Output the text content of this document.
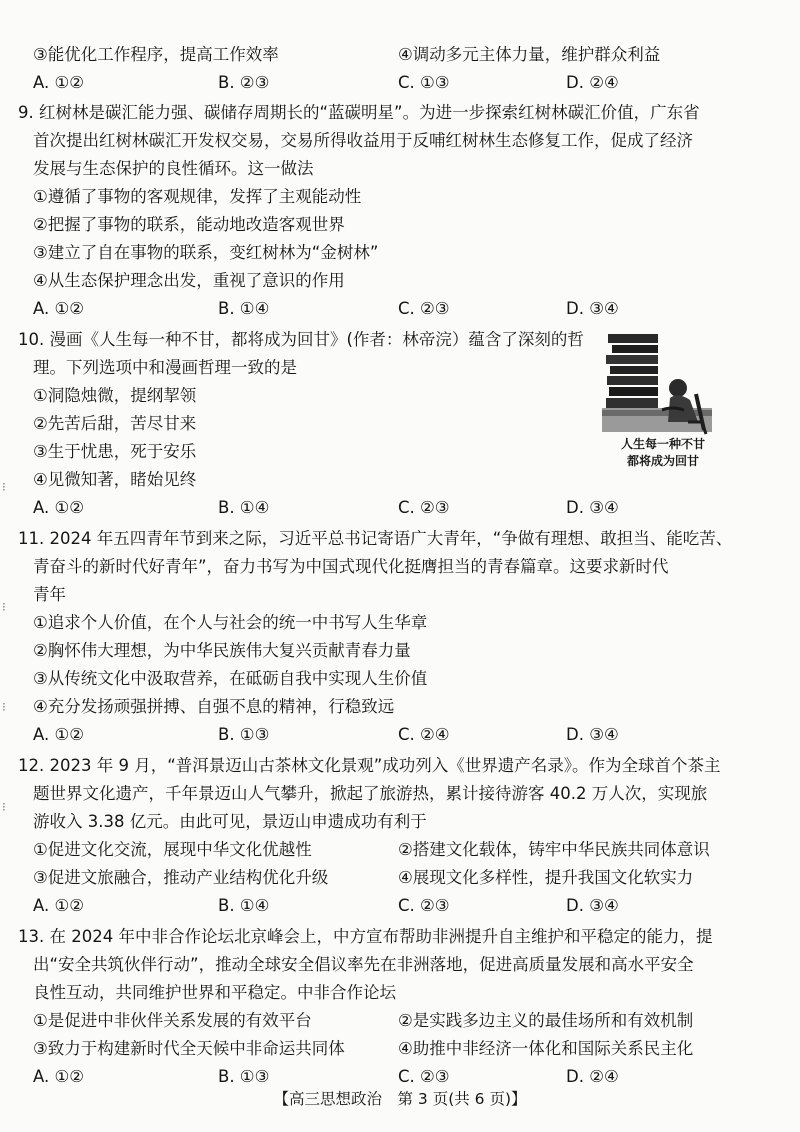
③能优化工作程序，提高工作效率	④调动多元主体力量，维护群众利益
A. ①②	B. ②③	C. ①③	D. ②④
9. 红树林是碳汇能力强、碳储存周期长的“蓝碳明星”。为进一步探索红树林碳汇价值，广东省
首次提出红树林碳汇开发权交易，交易所得收益用于反哺红树林生态修复工作，促成了经济
发展与生态保护的良性循环。这一做法
①遵循了事物的客观规律，发挥了主观能动性
②把握了事物的联系，能动地改造客观世界
③建立了自在事物的联系，变红树林为“金树林”
④从生态保护理念出发，重视了意识的作用
A. ①②	B. ①④	C. ②③	D. ③④
10. 漫画《人生每一种不甘，都将成为回甘》(作者：林帝浣）蕴含了深刻的哲
理。下列选项中和漫画哲理一致的是
①洞隐烛微，提纲挈领
②先苦后甜，苦尽甘来
③生于忧患，死于安乐
④见微知著，睹始见终
人生每一种不甘
都将成为回甘
A. ①②	B. ①④	C. ②③	D. ③④
11. 2024 年五四青年节到来之际，习近平总书记寄语广大青年，“争做有理想、敢担当、能吃苦、
青奋斗的新时代好青年”，奋力书写为中国式现代化挺膺担当的青春篇章。这要求新时代
青年
①追求个人价值，在个人与社会的统一中书写人生华章
②胸怀伟大理想，为中华民族伟大复兴贡献青春力量
③从传统文化中汲取营养，在砥砺自我中实现人生价值
④充分发扬顽强拼搏、自强不息的精神，行稳致远
A. ①②	B. ①③	C. ②④	D. ③④
12. 2023 年 9 月，“普洱景迈山古茶林文化景观”成功列入《世界遗产名录》。作为全球首个茶主
题世界文化遗产，千年景迈山人气攀升，掀起了旅游热，累计接待游客 40.2 万人次，实现旅
游收入 3.38 亿元。由此可见，景迈山申遗成功有利于
①促进文化交流，展现中华文化优越性	②搭建文化载体，铸牢中华民族共同体意识
③促进文旅融合，推动产业结构优化升级	④展现文化多样性，提升我国文化软实力
A. ①②	B. ①④	C. ②③	D. ③④
13. 在 2024 年中非合作论坛北京峰会上，中方宣布帮助非洲提升自主维护和平稳定的能力，提
出“安全共筑伙伴行动”，推动全球安全倡议率先在非洲落地，促进高质量发展和高水平安全
良性互动，共同维护世界和平稳定。中非合作论坛
①是促进中非伙伴关系发展的有效平台	②是实践多边主义的最佳场所和有效机制
③致力于构建新时代全天候中非命运共同体	④助推中非经济一体化和国际关系民主化
A. ①②	B. ①③	C. ②③	D. ②④
【高三思想政治　第 3 页(共 6 页)】
⁝
⁝
⁝
⁝
